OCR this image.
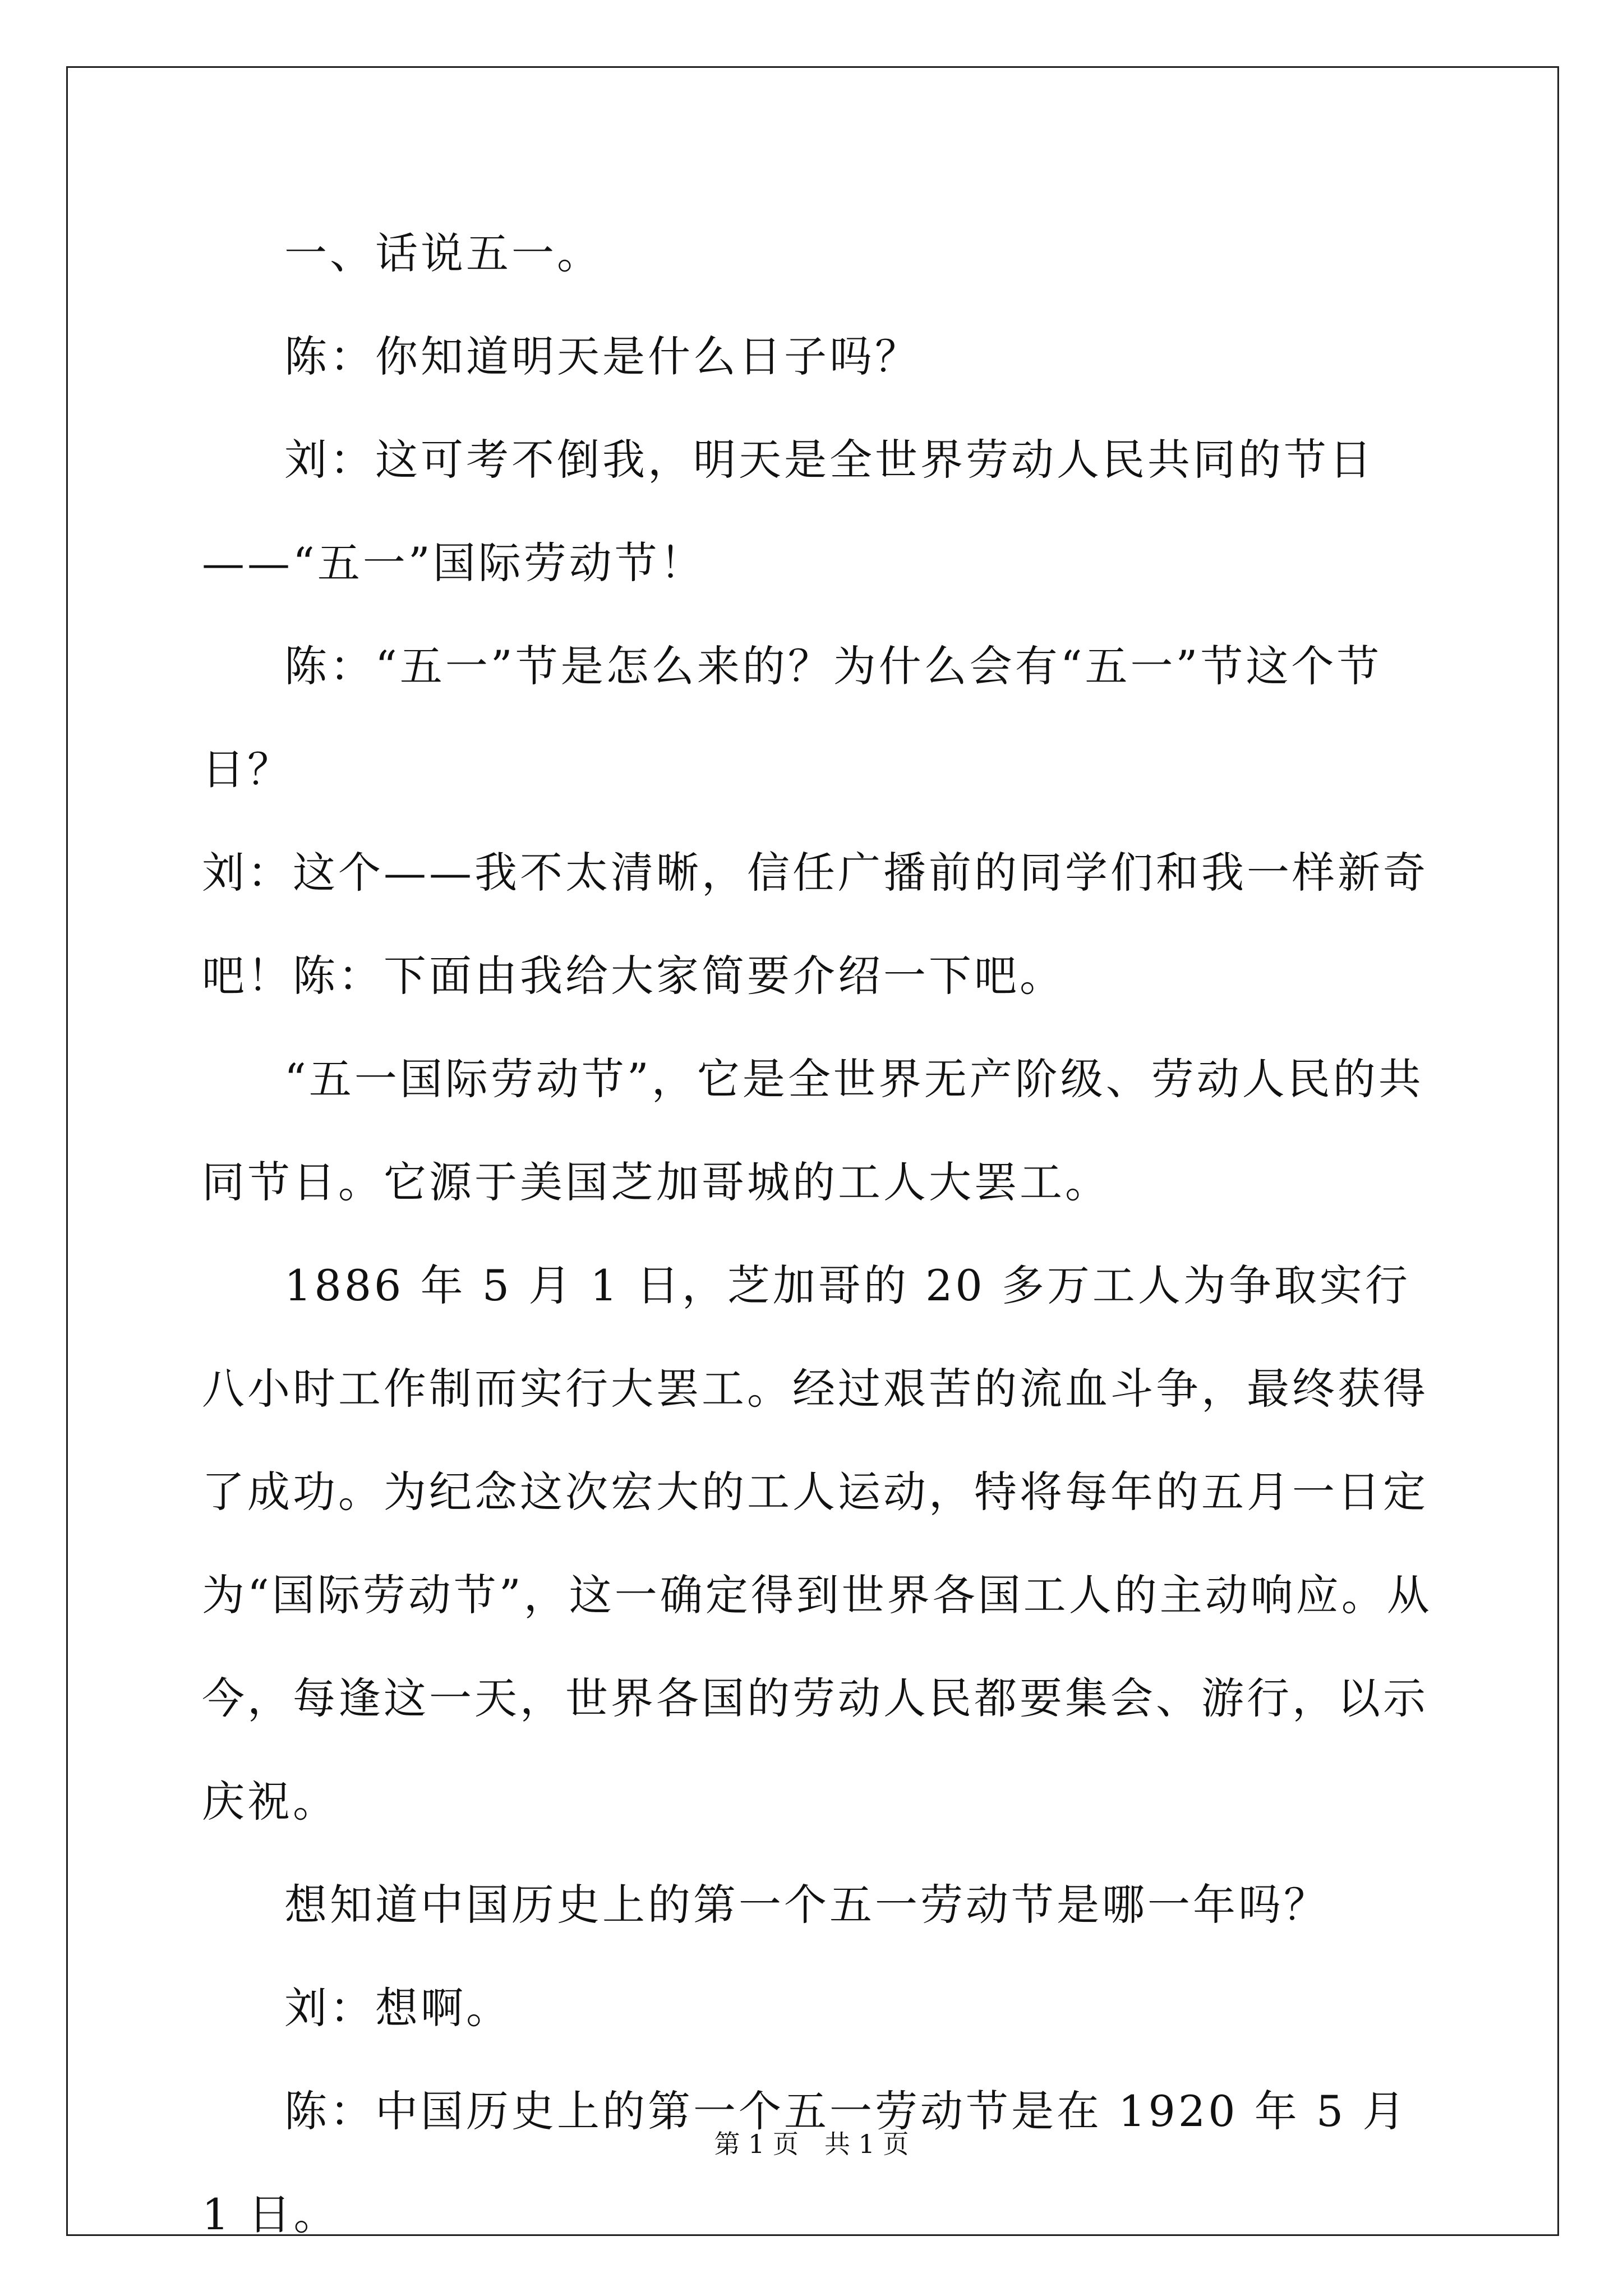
一、话说五一。

陈：你知道明天是什么日子吗？

刘：这可考不倒我，明天是全世界劳动人民共同的节日——“五一”国际劳动节！

陈：“五一”节是怎么来的？为什么会有“五一”节这个节日？

刘：这个——我不太清晰，信任广播前的同学们和我一样新奇吧！陈：下面由我给大家简要介绍一下吧。

“五一国际劳动节”，它是全世界无产阶级、劳动人民的共同节日。它源于美国芝加哥城的工人大罢工。

1886 年 5 月 1 日，芝加哥的 20 多万工人为争取实行八小时工作制而实行大罢工。经过艰苦的流血斗争，最终获得了成功。为纪念这次宏大的工人运动，特将每年的五月一日定为“国际劳动节”，这一确定得到世界各国工人的主动响应。从今，每逢这一天，世界各国的劳动人民都要集会、游行，以示庆祝。

想知道中国历史上的第一个五一劳动节是哪一年吗？

刘：想啊。

陈：中国历史上的第一个五一劳动节是在 1920 年 5 月 1 日。

第 1 页　共 1 页
